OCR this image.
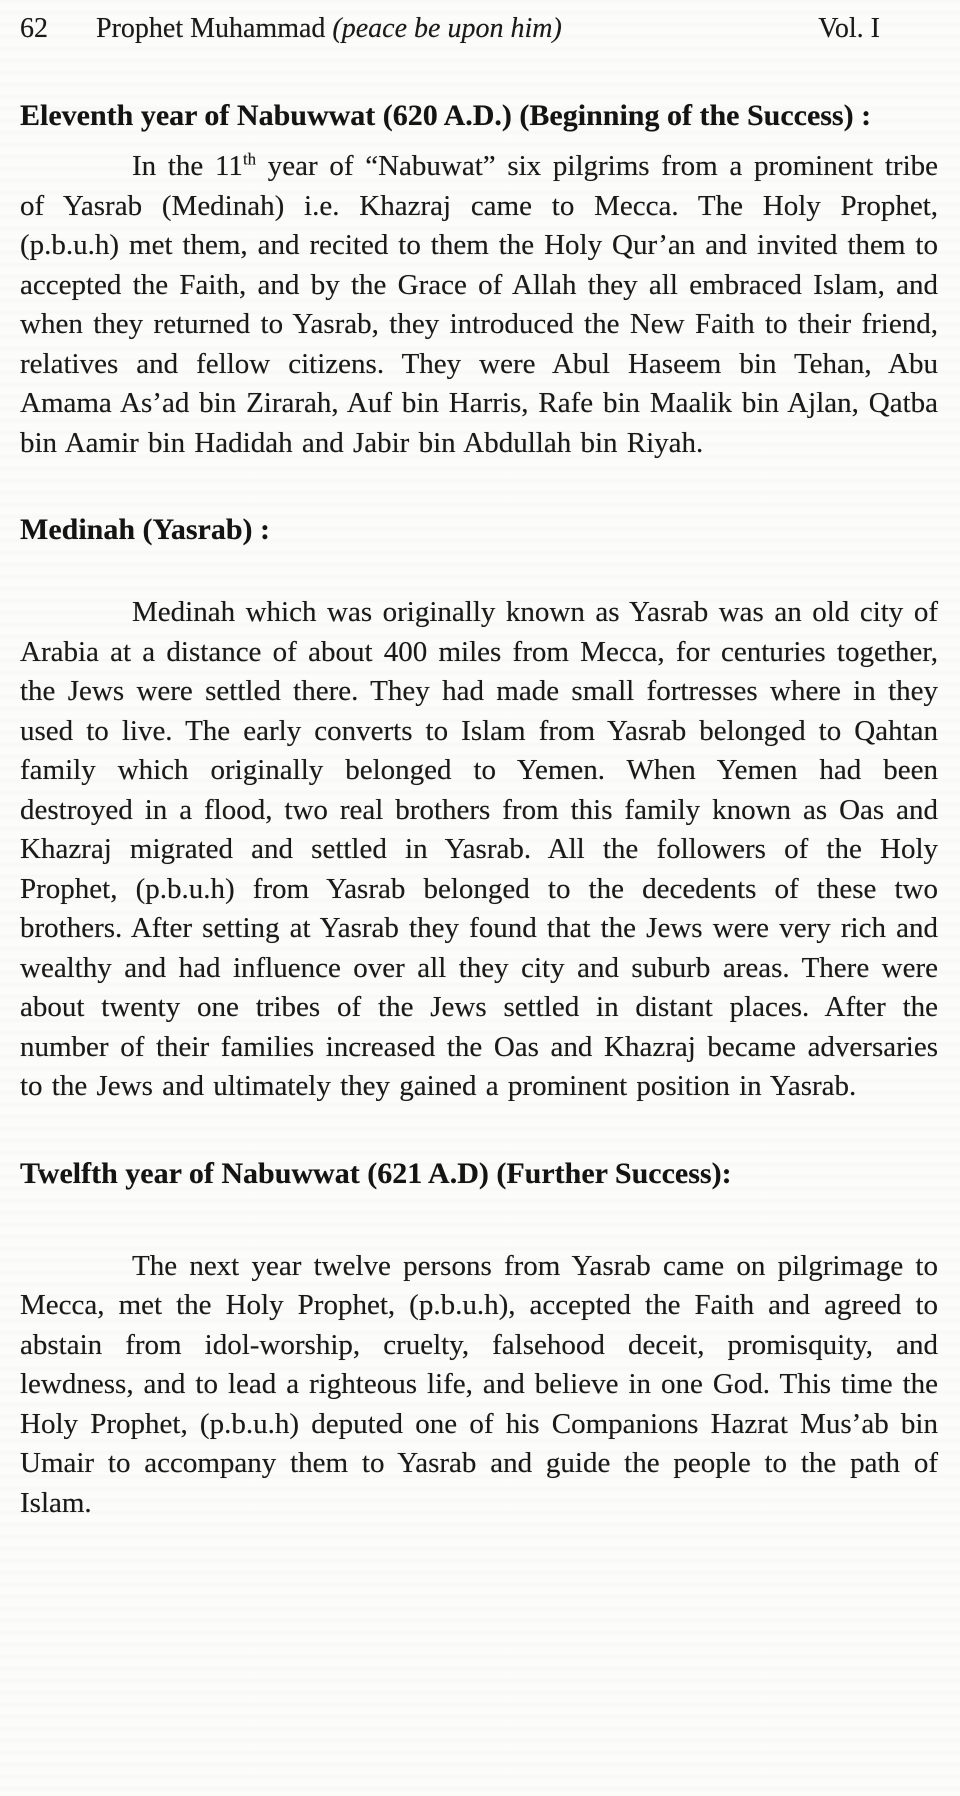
62	Prophet Muhammad (peace be upon him)	Vol. I
Eleventh year of Nabuwwat (620 A.D.) (Beginning of the Success) :

In the 11th year of “Nabuwat” six pilgrims from a prominent tribe of Yasrab (Medinah) i.e. Khazraj came to Mecca. The Holy Prophet, (p.b.u.h) met them, and recited to them the Holy Qur’an and invited them to accepted the Faith, and by the Grace of Allah they all embraced Islam, and when they returned to Yasrab, they introduced the New Faith to their friend, relatives and fellow citizens. They were Abul Haseem bin Tehan, Abu Amama As’ad bin Zirarah, Auf bin Harris, Rafe bin Maalik bin Ajlan, Qatba bin Aamir bin Hadidah and Jabir bin Abdullah bin Riyah.

Medinah (Yasrab) :

Medinah which was originally known as Yasrab was an old city of Arabia at a distance of about 400 miles from Mecca, for centuries together, the Jews were settled there. They had made small fortresses where in they used to live. The early converts to Islam from Yasrab belonged to Qahtan family which originally belonged to Yemen. When Yemen had been destroyed in a flood, two real brothers from this family known as Oas and Khazraj migrated and settled in Yasrab. All the followers of the Holy Prophet, (p.b.u.h) from Yasrab belonged to the decedents of these two brothers. After setting at Yasrab they found that the Jews were very rich and wealthy and had influence over all they city and suburb areas. There were about twenty one tribes of the Jews settled in distant places. After the number of their families increased the Oas and Khazraj became adversaries to the Jews and ultimately they gained a prominent position in Yasrab.

Twelfth year of Nabuwwat (621 A.D) (Further Success):

The next year twelve persons from Yasrab came on pilgrimage to Mecca, met the Holy Prophet, (p.b.u.h), accepted the Faith and agreed to abstain from idol-worship, cruelty, falsehood deceit, promisquity, and lewdness, and to lead a righteous life, and believe in one God. This time the Holy Prophet, (p.b.u.h) deputed one of his Companions Hazrat Mus’ab bin Umair to accompany them to Yasrab and guide the people to the path of Islam.
